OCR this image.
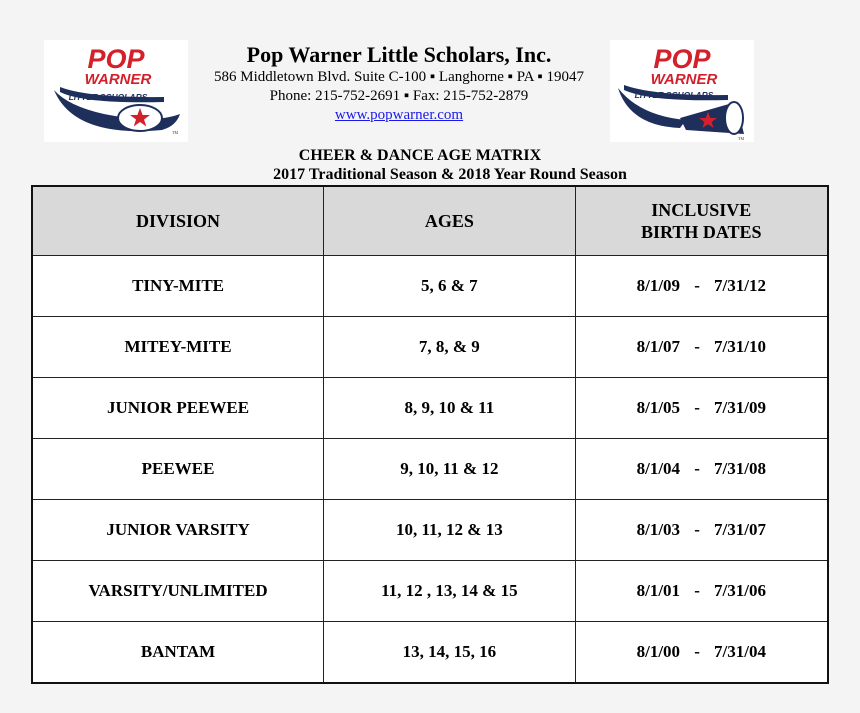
POP
WARNER
LITTLE SCHOLARS
TM
Pop Warner Little Scholars, Inc.
586 Middletown Blvd. Suite C-100 ▪ Langhorne ▪ PA ▪ 19047
Phone: 215-752-2691 ▪ Fax: 215-752-2879
www.popwarner.com
POP
WARNER
LITTLE SCHOLARS
TM
CHEER & DANCE AGE MATRIX
2017 Traditional Season & 2018 Year Round Season
DIVISION	AGES	INCLUSIVE
BIRTH DATES
TINY-MITE	5, 6 & 7	8/1/09 - 7/31/12
MITEY-MITE	7, 8, & 9	8/1/07 - 7/31/10
JUNIOR PEEWEE	8, 9, 10 & 11	8/1/05 - 7/31/09
PEEWEE	9, 10, 11 & 12	8/1/04 - 7/31/08
JUNIOR VARSITY	10, 11, 12 & 13	8/1/03 - 7/31/07
VARSITY/UNLIMITED	11, 12 , 13, 14 & 15	8/1/01 - 7/31/06
BANTAM	13, 14, 15, 16	8/1/00 - 7/31/04
